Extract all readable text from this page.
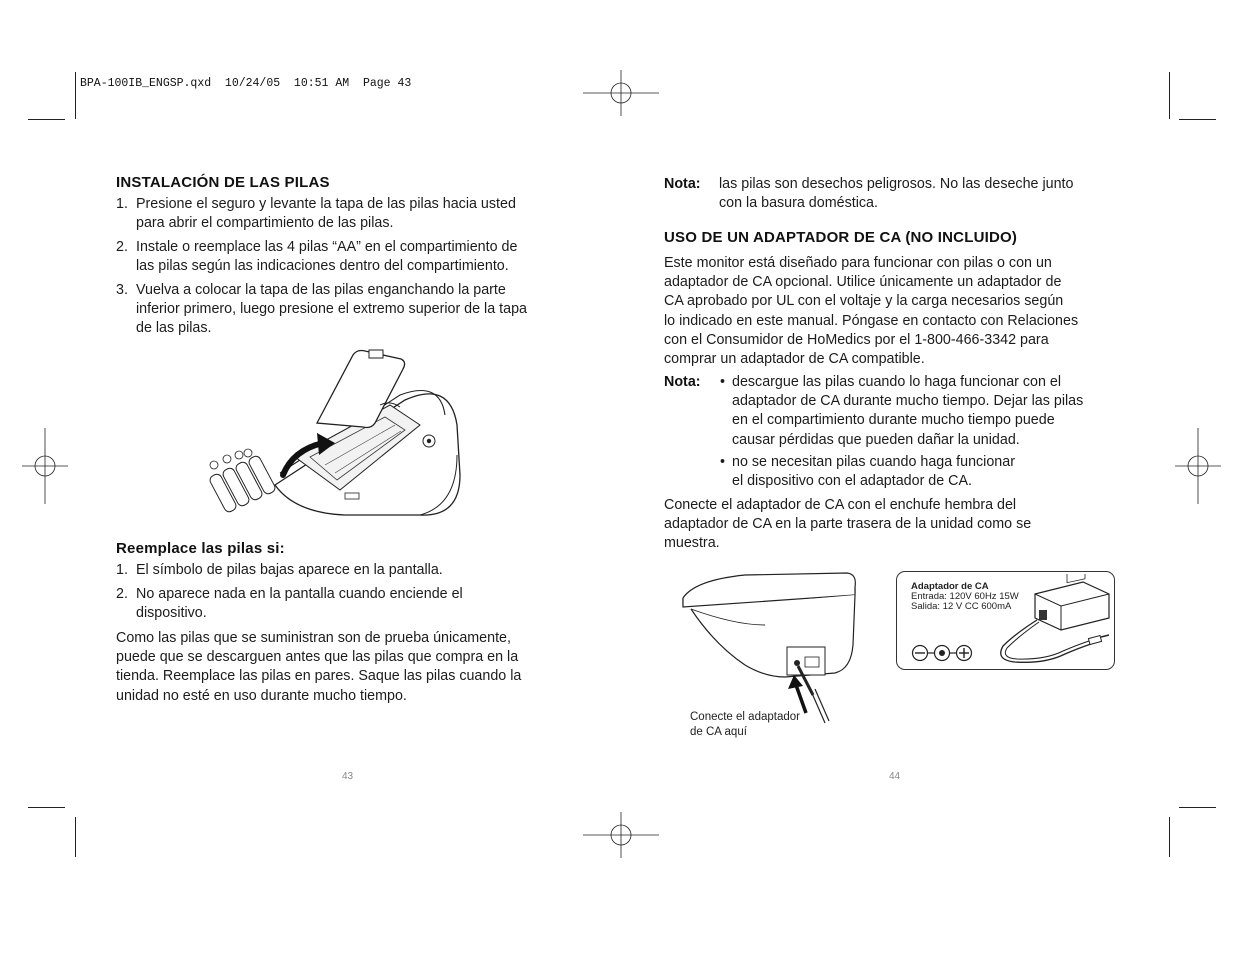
BPA-100IB_ENGSP.qxd  10/24/05  10:51 AM  Page 43
INSTALACIÓN DE LAS PILAS
1. Presione el seguro y levante la tapa de las pilas hacia usted
para abrir el compartimiento de las pilas.
2. Instale o reemplace las 4 pilas “AA” en el compartimiento de
las pilas según las indicaciones dentro del compartimiento.
3. Vuelva a colocar la tapa de las pilas enganchando la parte
inferior primero, luego presione el extremo superior de la tapa
de las pilas.
Reemplace las pilas si:
1. El símbolo de pilas bajas aparece en la pantalla.
2. No aparece nada en la pantalla cuando enciende el
dispositivo.
Como las pilas que se suministran son de prueba únicamente,
puede que se descarguen antes que las pilas que compra en la
tienda. Reemplace las pilas en pares. Saque las pilas cuando la
unidad no esté en uso durante mucho tiempo.
43
Nota: las pilas son desechos peligrosos. No las deseche junto
con la basura doméstica.
USO DE UN ADAPTADOR DE CA (NO INCLUIDO)
Este monitor está diseñado para funcionar con pilas o con un
adaptador de CA opcional. Utilice únicamente un adaptador de
CA aprobado por UL con el voltaje y la carga necesarios según
lo indicado en este manual. Póngase en contacto con Relaciones
con el Consumidor de HoMedics por el 1-800-466-3342 para
comprar un adaptador de CA compatible.
Nota: • descargue las pilas cuando lo haga funcionar con el
adaptador de CA durante mucho tiempo. Dejar las pilas
en el compartimiento durante mucho tiempo puede
causar pérdidas que pueden dañar la unidad.
• no se necesitan pilas cuando haga funcionar
el dispositivo con el adaptador de CA.
Conecte el adaptador de CA con el enchufe hembra del
adaptador de CA en la parte trasera de la unidad como se
muestra.
Conecte el adaptador
de CA aquí
Adaptador de CA
Entrada: 120V 60Hz 15W
Salida: 12 V CC 600mA
44
